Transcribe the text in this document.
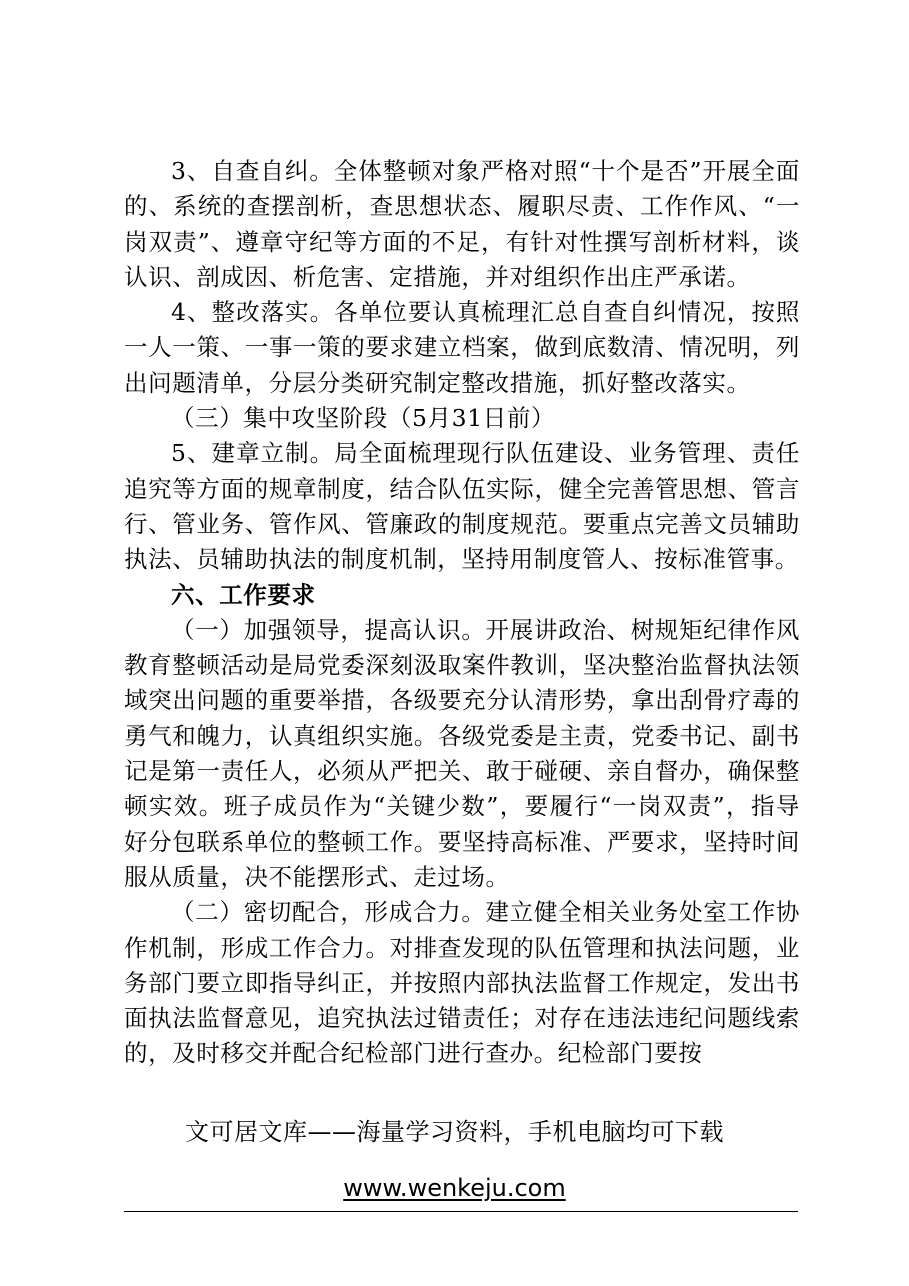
3、自查自纠。全体整顿对象严格对照“十个是否”开展全面的、系统的查摆剖析，查思想状态、履职尽责、工作作风、“一岗双责”、遵章守纪等方面的不足，有针对性撰写剖析材料，谈认识、剖成因、析危害、定措施，并对组织作出庄严承诺。

4、整改落实。各单位要认真梳理汇总自查自纠情况，按照一人一策、一事一策的要求建立档案，做到底数清、情况明，列出问题清单，分层分类研究制定整改措施，抓好整改落实。

（三）集中攻坚阶段（5月31日前）

5、建章立制。局全面梳理现行队伍建设、业务管理、责任追究等方面的规章制度，结合队伍实际，健全完善管思想、管言行、管业务、管作风、管廉政的制度规范。要重点完善文员辅助执法、员辅助执法的制度机制，坚持用制度管人、按标准管事。

六、工作要求

（一）加强领导，提高认识。开展讲政治、树规矩纪律作风教育整顿活动是局党委深刻汲取案件教训，坚决整治监督执法领域突出问题的重要举措，各级要充分认清形势，拿出刮骨疗毒的勇气和魄力，认真组织实施。各级党委是主责，党委书记、副书记是第一责任人，必须从严把关、敢于碰硬、亲自督办，确保整顿实效。班子成员作为“关键少数”，要履行“一岗双责”，指导好分包联系单位的整顿工作。要坚持高标准、严要求，坚持时间服从质量，决不能摆形式、走过场。

（二）密切配合，形成合力。建立健全相关业务处室工作协作机制，形成工作合力。对排查发现的队伍管理和执法问题，业务部门要立即指导纠正，并按照内部执法监督工作规定，发出书面执法监督意见，追究执法过错责任；对存在违法违纪问题线索的，及时移交并配合纪检部门进行查办。纪检部门要按

文可居文库——海量学习资料，手机电脑均可下载
www.wenkeju.com
